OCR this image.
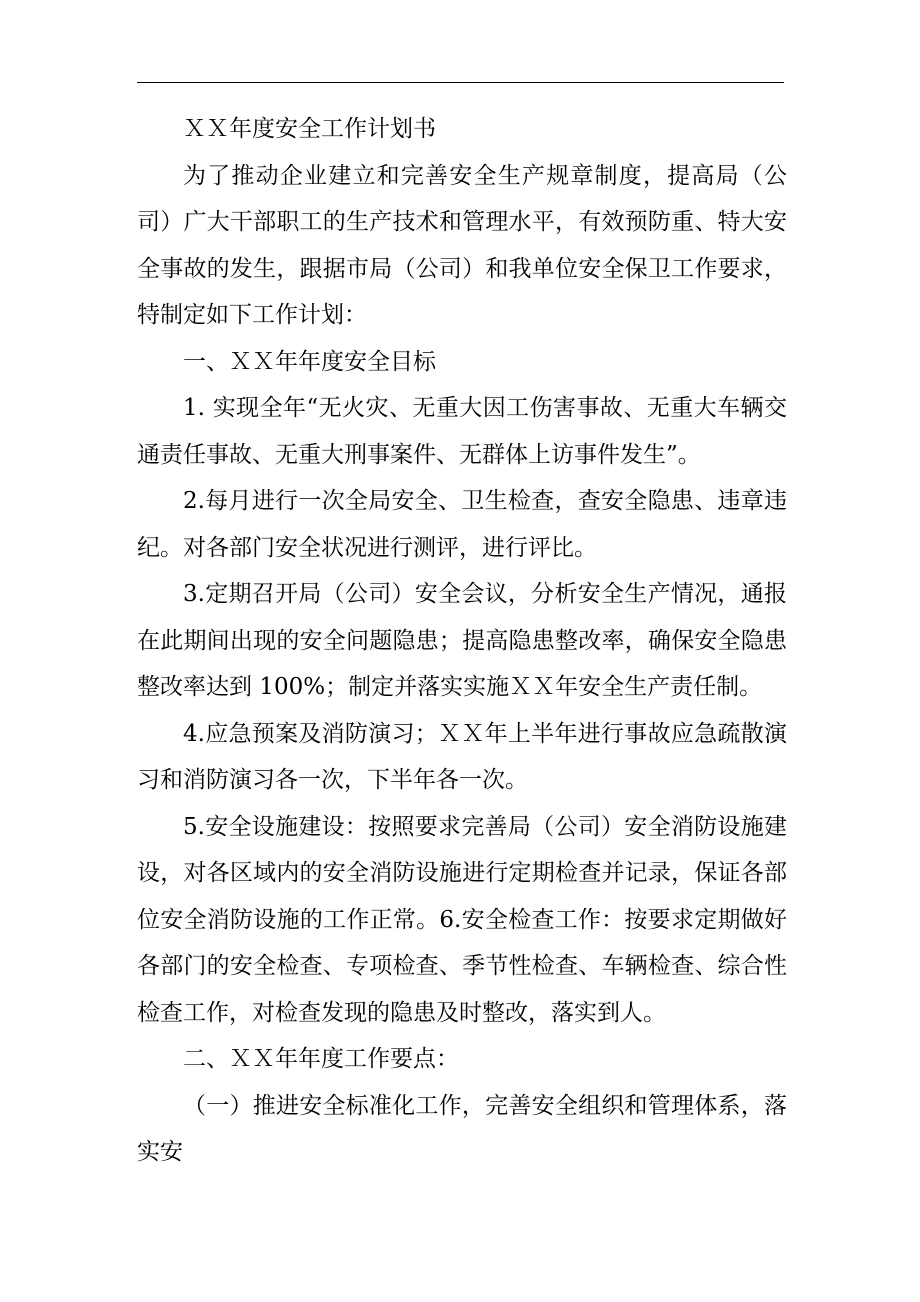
ＸＸ年度安全工作计划书

为了推动企业建立和完善安全生产规章制度，提高局（公司）广大干部职工的生产技术和管理水平，有效预防重、特大安全事故的发生，跟据市局（公司）和我单位安全保卫工作要求，特制定如下工作计划：

一、ＸＸ年年度安全目标

1. 实现全年“无火灾、无重大因工伤害事故、无重大车辆交通责任事故、无重大刑事案件、无群体上访事件发生”。

2.每月进行一次全局安全、卫生检查，查安全隐患、违章违纪。对各部门安全状况进行测评，进行评比。

3.定期召开局（公司）安全会议，分析安全生产情况，通报在此期间出现的安全问题隐患；提高隐患整改率，确保安全隐患整改率达到 100%；制定并落实实施ＸＸ年安全生产责任制。

4.应急预案及消防演习；ＸＸ年上半年进行事故应急疏散演习和消防演习各一次，下半年各一次。

5.安全设施建设：按照要求完善局（公司）安全消防设施建设，对各区域内的安全消防设施进行定期检查并记录，保证各部位安全消防设施的工作正常。6.安全检查工作：按要求定期做好各部门的安全检查、专项检查、季节性检查、车辆检查、综合性检查工作，对检查发现的隐患及时整改，落实到人。

二、ＸＸ年年度工作要点：

（一）推进安全标准化工作，完善安全组织和管理体系，落实安
